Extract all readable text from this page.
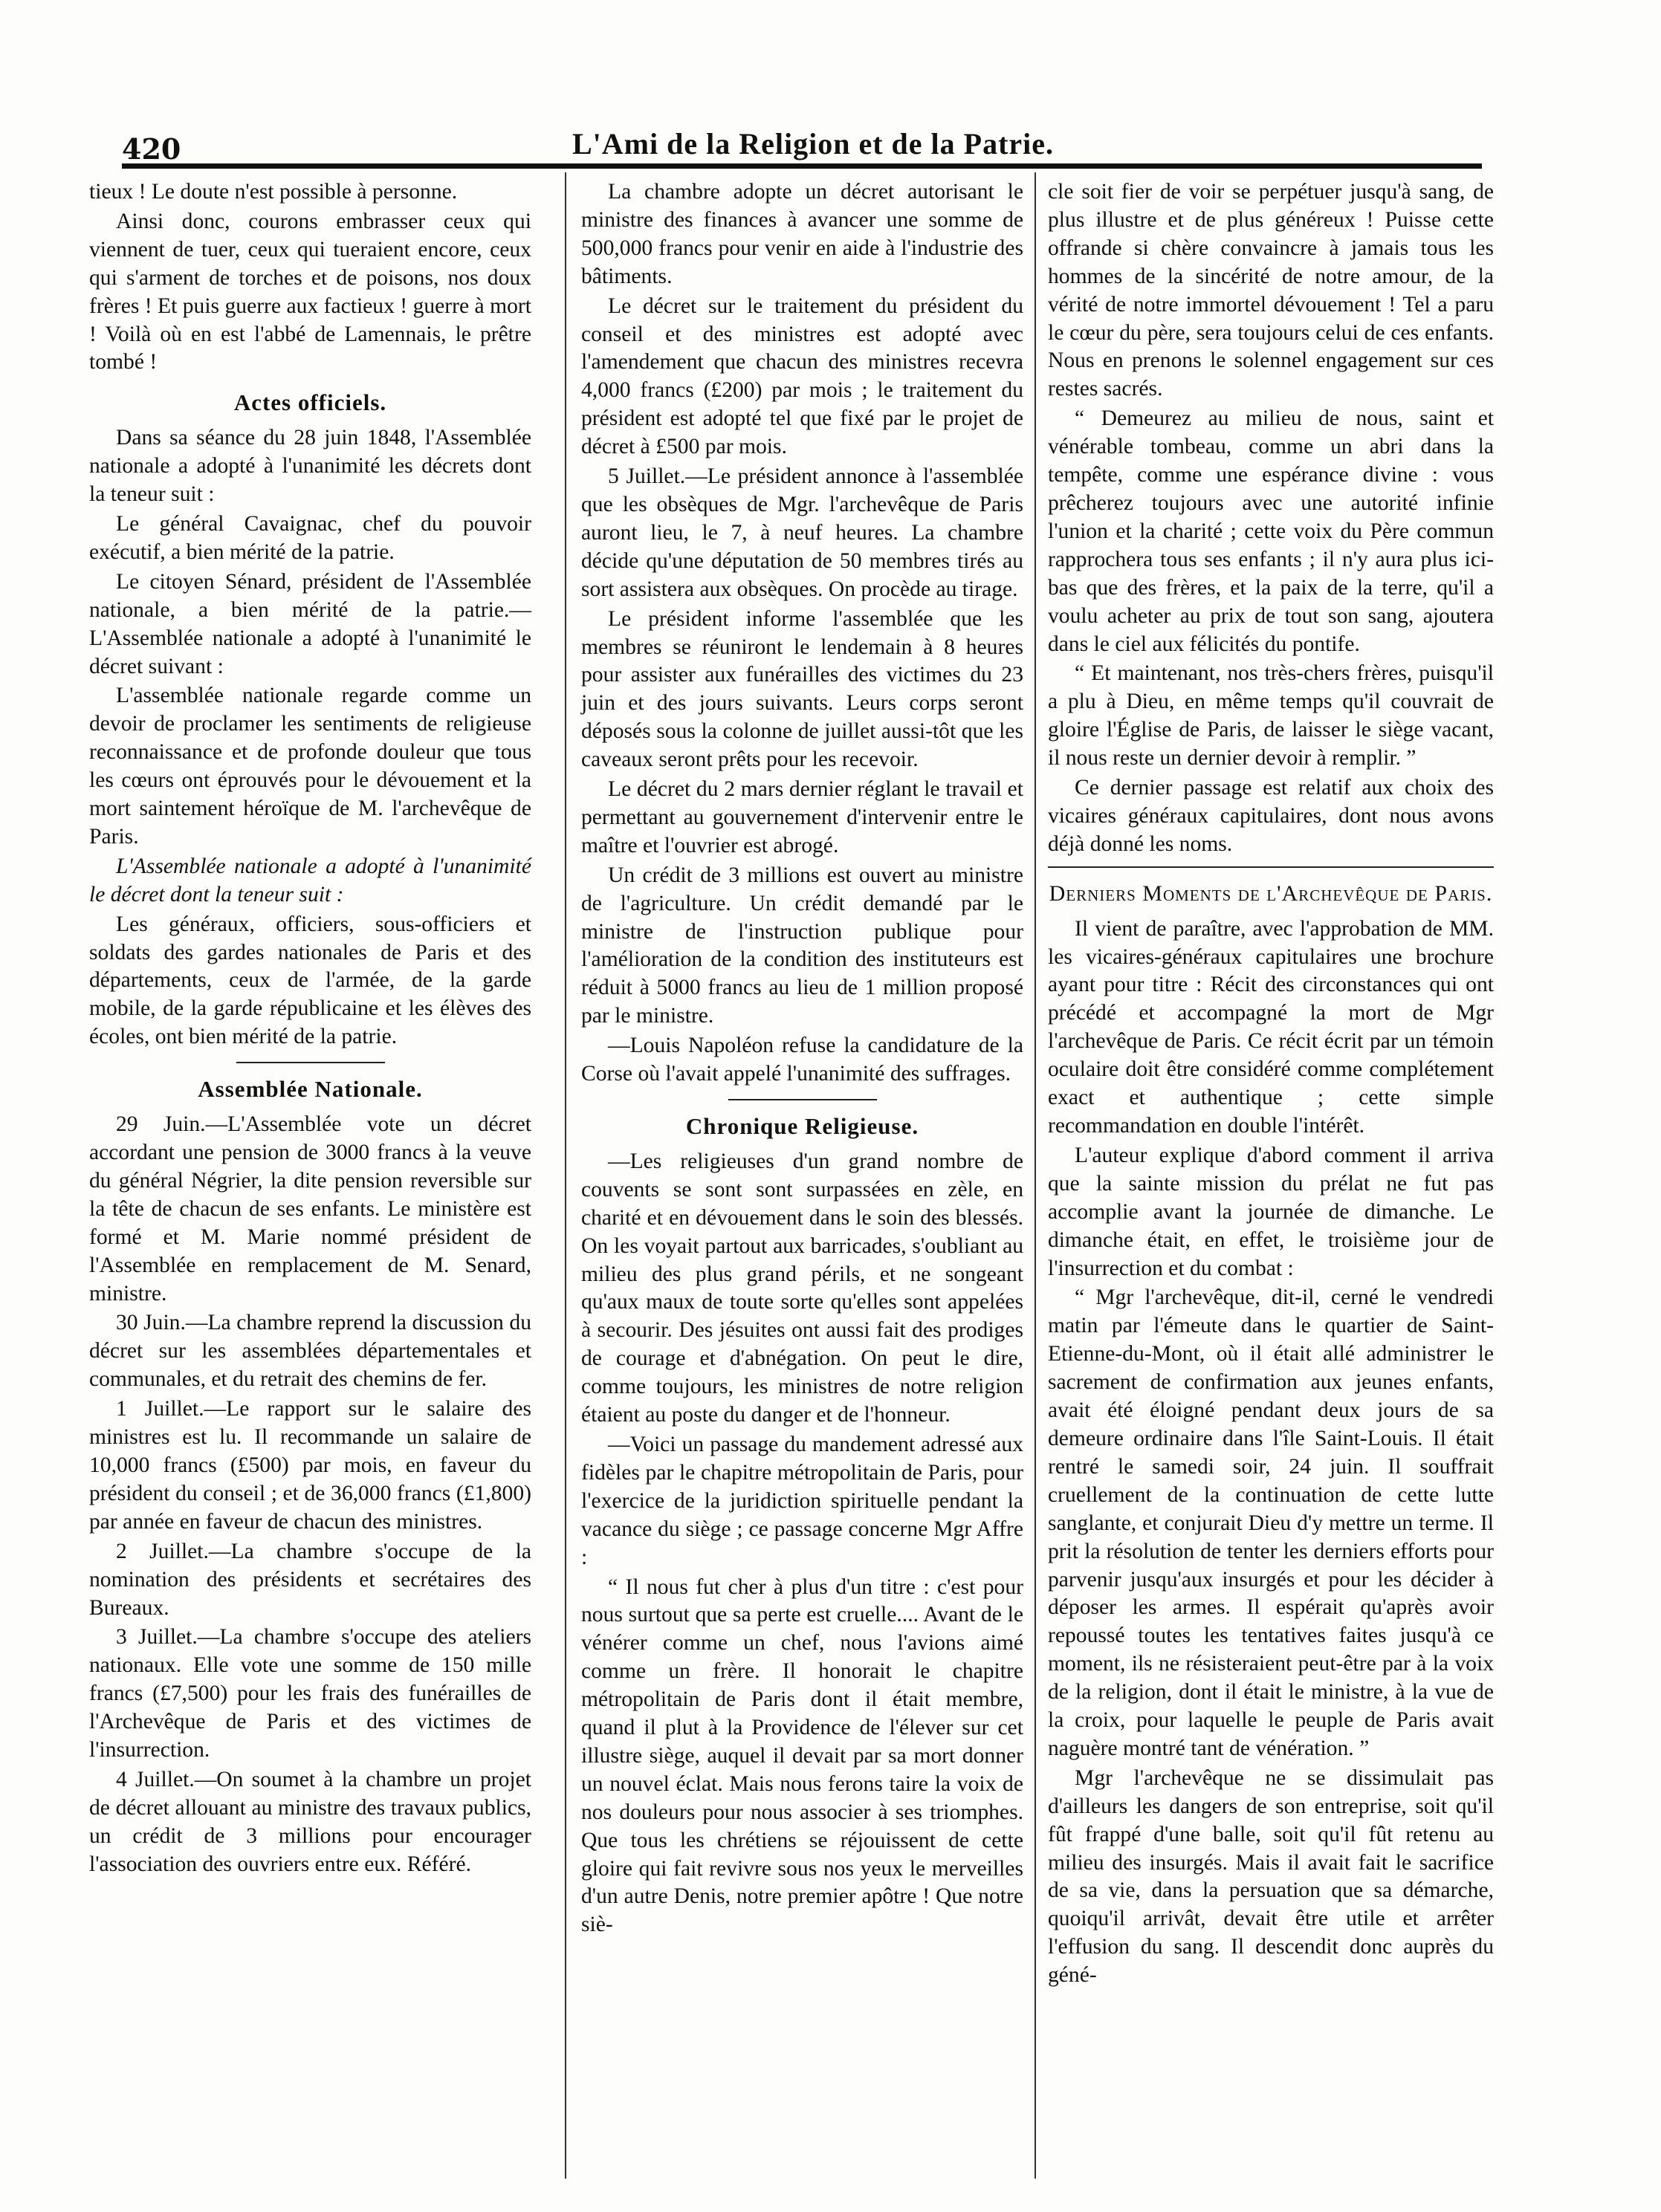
420	L'Ami de la Religion et de la Patrie.

tieux ! Le doute n'est possible à personne.

Ainsi donc, courons embrasser ceux qui viennent de tuer, ceux qui tueraient encore, ceux qui s'arment de torches et de poisons, nos doux frères ! Et puis guerre aux factieux ! guerre à mort ! Voilà où en est l'abbé de Lamennais, le prêtre tombé !

Actes officiels.

Dans sa séance du 28 juin 1848, l'Assemblée nationale a adopté à l'unanimité les décrets dont la teneur suit :

Le général Cavaignac, chef du pouvoir exécutif, a bien mérité de la patrie.

Le citoyen Sénard, président de l'Assemblée nationale, a bien mérité de la patrie.—L'Assemblée nationale a adopté à l'unanimité le décret suivant :

L'assemblée nationale regarde comme un devoir de proclamer les sentiments de religieuse reconnaissance et de profonde douleur que tous les cœurs ont éprouvés pour le dévouement et la mort saintement héroïque de M. l'archevêque de Paris.

L'Assemblée nationale a adopté à l'unanimité le décret dont la teneur suit :

Les généraux, officiers, sous-officiers et soldats des gardes nationales de Paris et des départements, ceux de l'armée, de la garde mobile, de la garde républicaine et les élèves des écoles, ont bien mérité de la patrie.

Assemblée Nationale.

29 Juin.—L'Assemblée vote un décret accordant une pension de 3000 francs à la veuve du général Négrier, la dite pension reversible sur la tête de chacun de ses enfants. Le ministère est formé et M. Marie nommé président de l'Assemblée en remplacement de M. Senard, ministre.

30 Juin.—La chambre reprend la discussion du décret sur les assemblées départementales et communales, et du retrait des chemins de fer.

1 Juillet.—Le rapport sur le salaire des ministres est lu. Il recommande un salaire de 10,000 francs (£500) par mois, en faveur du président du conseil ; et de 36,000 francs (£1,800) par année en faveur de chacun des ministres.

2 Juillet.—La chambre s'occupe de la nomination des présidents et secrétaires des Bureaux.

3 Juillet.—La chambre s'occupe des ateliers nationaux. Elle vote une somme de 150 mille francs (£7,500) pour les frais des funérailles de l'Archevêque de Paris et des victimes de l'insurrection.

4 Juillet.—On soumet à la chambre un projet de décret allouant au ministre des travaux publics, un crédit de 3 millions pour encourager l'association des ouvriers entre eux. Référé.

La chambre adopte un décret autorisant le ministre des finances à avancer une somme de 500,000 francs pour venir en aide à l'industrie des bâtiments.

Le décret sur le traitement du président du conseil et des ministres est adopté avec l'amendement que chacun des ministres recevra 4,000 francs (£200) par mois ; le traitement du président est adopté tel que fixé par le projet de décret à £500 par mois.

5 Juillet.—Le président annonce à l'assemblée que les obsèques de Mgr. l'archevêque de Paris auront lieu, le 7, à neuf heures. La chambre décide qu'une députation de 50 membres tirés au sort assistera aux obsèques. On procède au tirage.

Le président informe l'assemblée que les membres se réuniront le lendemain à 8 heures pour assister aux funérailles des victimes du 23 juin et des jours suivants. Leurs corps seront déposés sous la colonne de juillet aussi-tôt que les caveaux seront prêts pour les recevoir.

Le décret du 2 mars dernier réglant le travail et permettant au gouvernement d'intervenir entre le maître et l'ouvrier est abrogé.

Un crédit de 3 millions est ouvert au ministre de l'agriculture. Un crédit demandé par le ministre de l'instruction publique pour l'amélioration de la condition des instituteurs est réduit à 5000 francs au lieu de 1 million proposé par le ministre.

—Louis Napoléon refuse la candidature de la Corse où l'avait appelé l'unanimité des suffrages.

Chronique Religieuse.

—Les religieuses d'un grand nombre de couvents se sont sont surpassées en zèle, en charité et en dévouement dans le soin des blessés. On les voyait partout aux barricades, s'oubliant au milieu des plus grand périls, et ne songeant qu'aux maux de toute sorte qu'elles sont appelées à secourir. Des jésuites ont aussi fait des prodiges de courage et d'abnégation. On peut le dire, comme toujours, les ministres de notre religion étaient au poste du danger et de l'honneur.

—Voici un passage du mandement adressé aux fidèles par le chapitre métropolitain de Paris, pour l'exercice de la juridiction spirituelle pendant la vacance du siège ; ce passage concerne Mgr Affre :

“ Il nous fut cher à plus d'un titre : c'est pour nous surtout que sa perte est cruelle.... Avant de le vénérer comme un chef, nous l'avions aimé comme un frère. Il honorait le chapitre métropolitain de Paris dont il était membre, quand il plut à la Providence de l'élever sur cet illustre siège, auquel il devait par sa mort donner un nouvel éclat. Mais nous ferons taire la voix de nos douleurs pour nous associer à ses triomphes. Que tous les chrétiens se réjouissent de cette gloire qui fait revivre sous nos yeux le merveilles d'un autre Denis, notre premier apôtre ! Que notre siè-

cle soit fier de voir se perpétuer jusqu'à sang, de plus illustre et de plus généreux ! Puisse cette offrande si chère convaincre à jamais tous les hommes de la sincérité de notre amour, de la vérité de notre immortel dévouement ! Tel a paru le cœur du père, sera toujours celui de ces enfants. Nous en prenons le solennel engagement sur ces restes sacrés.

“ Demeurez au milieu de nous, saint et vénérable tombeau, comme un abri dans la tempête, comme une espérance divine : vous prêcherez toujours avec une autorité infinie l'union et la charité ; cette voix du Père commun rapprochera tous ses enfants ; il n'y aura plus ici-bas que des frères, et la paix de la terre, qu'il a voulu acheter au prix de tout son sang, ajoutera dans le ciel aux félicités du pontife.

“ Et maintenant, nos très-chers frères, puisqu'il a plu à Dieu, en même temps qu'il couvrait de gloire l'Église de Paris, de laisser le siège vacant, il nous reste un dernier devoir à remplir. ”

Ce dernier passage est relatif aux choix des vicaires généraux capitulaires, dont nous avons déjà donné les noms.

Derniers Moments de l'Archevêque de Paris.

Il vient de paraître, avec l'approbation de MM. les vicaires-généraux capitulaires une brochure ayant pour titre : Récit des circonstances qui ont précédé et accompagné la mort de Mgr l'archevêque de Paris. Ce récit écrit par un témoin oculaire doit être considéré comme complétement exact et authentique ; cette simple recommandation en double l'intérêt.

L'auteur explique d'abord comment il arriva que la sainte mission du prélat ne fut pas accomplie avant la journée de dimanche. Le dimanche était, en effet, le troisième jour de l'insurrection et du combat :

“ Mgr l'archevêque, dit-il, cerné le vendredi matin par l'émeute dans le quartier de Saint-Etienne-du-Mont, où il était allé administrer le sacrement de confirmation aux jeunes enfants, avait été éloigné pendant deux jours de sa demeure ordinaire dans l'île Saint-Louis. Il était rentré le samedi soir, 24 juin. Il souffrait cruellement de la continuation de cette lutte sanglante, et conjurait Dieu d'y mettre un terme. Il prit la résolution de tenter les derniers efforts pour parvenir jusqu'aux insurgés et pour les décider à déposer les armes. Il espérait qu'après avoir repoussé toutes les tentatives faites jusqu'à ce moment, ils ne résisteraient peut-être par à la voix de la religion, dont il était le ministre, à la vue de la croix, pour laquelle le peuple de Paris avait naguère montré tant de vénération. ”

Mgr l'archevêque ne se dissimulait pas d'ailleurs les dangers de son entreprise, soit qu'il fût frappé d'une balle, soit qu'il fût retenu au milieu des insurgés. Mais il avait fait le sacrifice de sa vie, dans la persuation que sa démarche, quoiqu'il arrivât, devait être utile et arrêter l'effusion du sang. Il descendit donc auprès du géné-
